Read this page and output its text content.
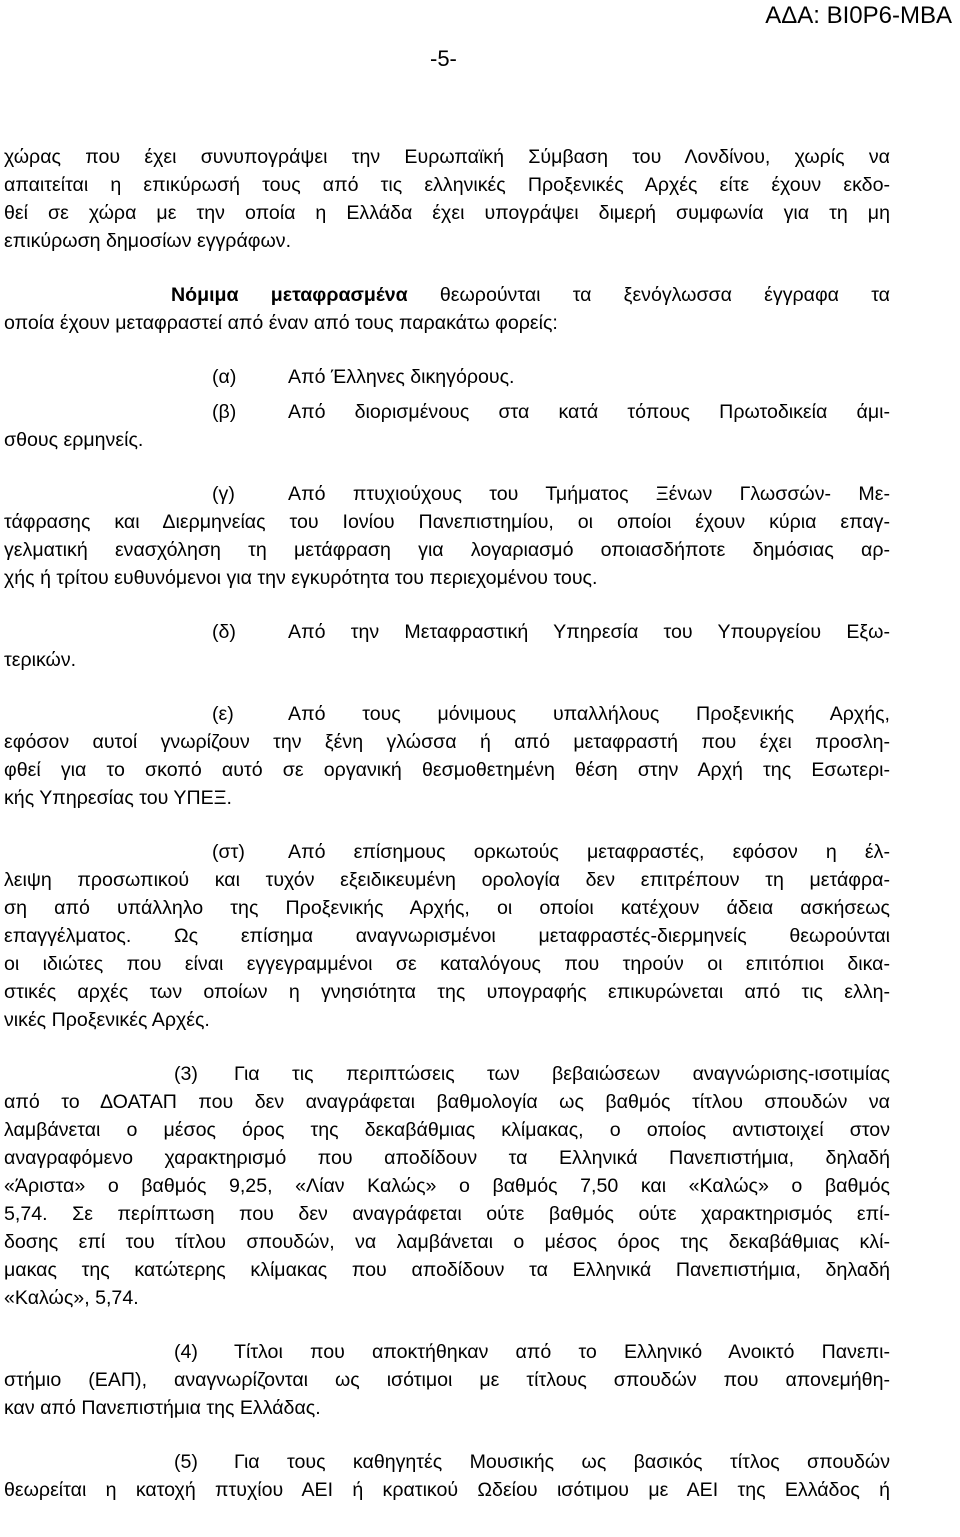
ΑΔΑ: ΒΙ0Ρ6-ΜΒΑ
-5-

χώρας που έχει συνυπογράψει την Ευρωπαϊκή Σύμβαση του Λονδίνου, χωρίς να

απαιτείται η επικύρωσή τους από τις ελληνικές Προξενικές Αρχές είτε έχουν εκδο-

θεί σε χώρα με την οποία η Ελλάδα έχει υπογράψει διμερή συμφωνία για τη μη

επικύρωση δημοσίων εγγράφων.

Νόμιμα μεταφρασμένα θεωρούνται τα ξενόγλωσσα έγγραφα τα

οποία έχουν μεταφραστεί από έναν από τους παρακάτω φορείς:

(α)	Από Έλληνες δικηγόρους.

(β)	Από διορισμένους στα κατά τόπους Πρωτοδικεία άμι-

σθους ερμηνείς.

(γ)	Από πτυχιούχους του Τμήματος Ξένων Γλωσσών- Με-

τάφρασης και Διερμηνείας του Ιονίου Πανεπιστημίου, οι οποίοι έχουν κύρια επαγ-

γελματική ενασχόληση τη μετάφραση για λογαριασμό οποιασδήποτε δημόσιας αρ-

χής ή τρίτου ευθυνόμενοι για την εγκυρότητα του περιεχομένου τους.

(δ)	Από την Μεταφραστική Υπηρεσία του Υπουργείου Εξω-

τερικών.

(ε)	Από τους μόνιμους υπαλλήλους Προξενικής Αρχής,

εφόσον αυτοί γνωρίζουν την ξένη γλώσσα ή από μεταφραστή που έχει προσλη-

φθεί για το σκοπό αυτό σε οργανική θεσμοθετημένη θέση στην Αρχή της Εσωτερι-

κής Υπηρεσίας του ΥΠΕΞ.

(στ) Από επίσημους ορκωτούς μεταφραστές, εφόσον η έλ-

λειψη προσωπικού και τυχόν εξειδικευμένη ορολογία δεν επιτρέπουν τη μετάφρα-

ση από υπάλληλο της Προξενικής Αρχής, οι οποίοι κατέχουν άδεια ασκήσεως

επαγγέλματος. Ως επίσημα αναγνωρισμένοι μεταφραστές-διερμηνείς θεωρούνται

οι ιδιώτες που είναι εγγεγραμμένοι σε καταλόγους που τηρούν οι επιτόπιοι δικα-

στικές αρχές των οποίων η γνησιότητα της υπογραφής επικυρώνεται από τις ελλη-

νικές Προξενικές Αρχές.

(3) Για τις περιπτώσεις των βεβαιώσεων αναγνώρισης-ισοτιμίας

από το ΔΟΑΤΑΠ που δεν αναγράφεται βαθμολογία ως βαθμός τίτλου σπουδών να

λαμβάνεται ο μέσος όρος της δεκαβάθμιας κλίμακας, ο οποίος αντιστοιχεί στον

αναγραφόμενο χαρακτηρισμό που αποδίδουν τα Ελληνικά Πανεπιστήμια, δηλαδή

«Άριστα» ο βαθμός 9,25, «Λίαν Καλώς» ο βαθμός 7,50 και «Καλώς» ο βαθμός

5,74. Σε περίπτωση που δεν αναγράφεται ούτε βαθμός ούτε χαρακτηρισμός επί-

δοσης επί του τίτλου σπουδών, να λαμβάνεται ο μέσος όρος της δεκαβάθμιας κλί-

μακας της κατώτερης κλίμακας που αποδίδουν τα Ελληνικά Πανεπιστήμια, δηλαδή

«Καλώς», 5,74.

(4) Τίτλοι που αποκτήθηκαν από το Ελληνικό Ανοικτό Πανεπι-

στήμιο (ΕΑΠ), αναγνωρίζονται ως ισότιμοι με τίτλους σπουδών που απονεμήθη-

καν από Πανεπιστήμια της Ελλάδας.

(5) Για τους καθηγητές Μουσικής ως βασικός τίτλος σπουδών

θεωρείται η κατοχή πτυχίου ΑΕΙ ή κρατικού Ωδείου ισότιμου με ΑΕΙ της Ελλάδος ή
